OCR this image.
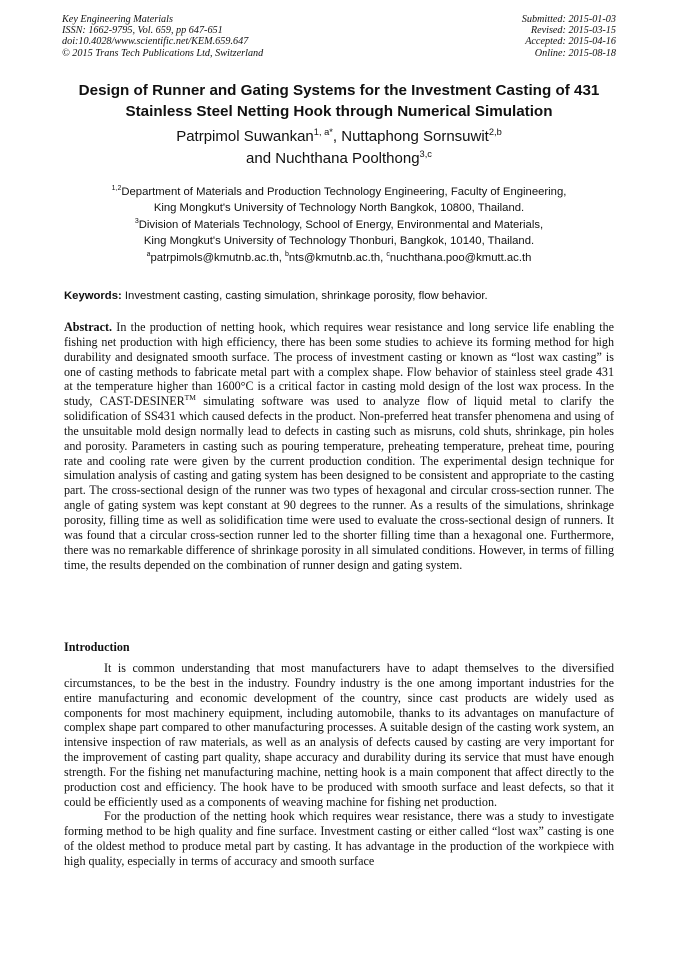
Key Engineering Materials
ISSN: 1662-9795, Vol. 659, pp 647-651
doi:10.4028/www.scientific.net/KEM.659.647
© 2015 Trans Tech Publications Ltd, Switzerland
Submitted: 2015-01-03
Revised: 2015-03-15
Accepted: 2015-04-16
Online: 2015-08-18
Design of Runner and Gating Systems for the Investment Casting of 431
Stainless Steel Netting Hook through Numerical Simulation
Patrpimol Suwankan$^{1, a*}$, Nuttaphong Sornsuwit$^{2,b}$
and Nuchthana Poolthong$^{3,c}$
$^{1,2}$Department of Materials and Production Technology Engineering, Faculty of Engineering,
King Mongkut's University of Technology North Bangkok, 10800, Thailand.
$^3$Division of Materials Technology, School of Energy, Environmental and Materials,
King Mongkut's University of Technology Thonburi, Bangkok, 10140, Thailand.
$^a$patrpimols@kmutnb.ac.th, $^b$nts@kmutnb.ac.th, $^c$nuchthana.poo@kmutt.ac.th
Keywords: Investment casting, casting simulation, shrinkage porosity, flow behavior.
Abstract. In the production of netting hook, which requires wear resistance and long service life enabling the fishing net production with high efficiency, there has been some studies to achieve its forming method for high durability and designated smooth surface. The process of investment casting or known as “lost wax casting” is one of casting methods to fabricate metal part with a complex shape. Flow behavior of stainless steel grade 431 at the temperature higher than 1600°C is a critical factor in casting mold design of the lost wax process. In the study, CAST-DESINER™ simulating software was used to analyze flow of liquid metal to clarify the solidification of SS431 which caused defects in the product. Non-preferred heat transfer phenomena and using of the unsuitable mold design normally lead to defects in casting such as misruns, cold shuts, shrinkage, pin holes and porosity. Parameters in casting such as pouring temperature, preheating temperature, preheat time, pouring rate and cooling rate were given by the current production condition. The experimental design technique for simulation analysis of casting and gating system has been designed to be consistent and appropriate to the casting part. The cross-sectional design of the runner was two types of hexagonal and circular cross-section runner. The angle of gating system was kept constant at 90 degrees to the runner. As a results of the simulations, shrinkage porosity, filling time as well as solidification time were used to evaluate the cross-sectional design of runners. It was found that a circular cross-section runner led to the shorter filling time than a hexagonal one. Furthermore, there was no remarkable difference of shrinkage porosity in all simulated conditions. However, in terms of filling time, the results depended on the combination of runner design and gating system.
Introduction

It is common understanding that most manufacturers have to adapt themselves to the diversified circumstances, to be the best in the industry. Foundry industry is the one among important industries for the entire manufacturing and economic development of the country, since cast products are widely used as components for most machinery equipment, including automobile, thanks to its advantages on manufacture of complex shape part compared to other manufacturing processes. A suitable design of the casting work system, an intensive inspection of raw materials, as well as an analysis of defects caused by casting are very important for the improvement of casting part quality, shape accuracy and durability during its service that must have enough strength. For the fishing net manufacturing machine, netting hook is a main component that affect directly to the production cost and efficiency. The hook have to be produced with smooth surface and least defects, so that it could be efficiently used as a components of weaving machine for fishing net production.

For the production of the netting hook which requires wear resistance, there was a study to investigate forming method to be high quality and fine surface. Investment casting or either called “lost wax” casting is one of the oldest method to produce metal part by casting. It has advantage in the production of the workpiece with high quality, especially in terms of accuracy and smooth surface
